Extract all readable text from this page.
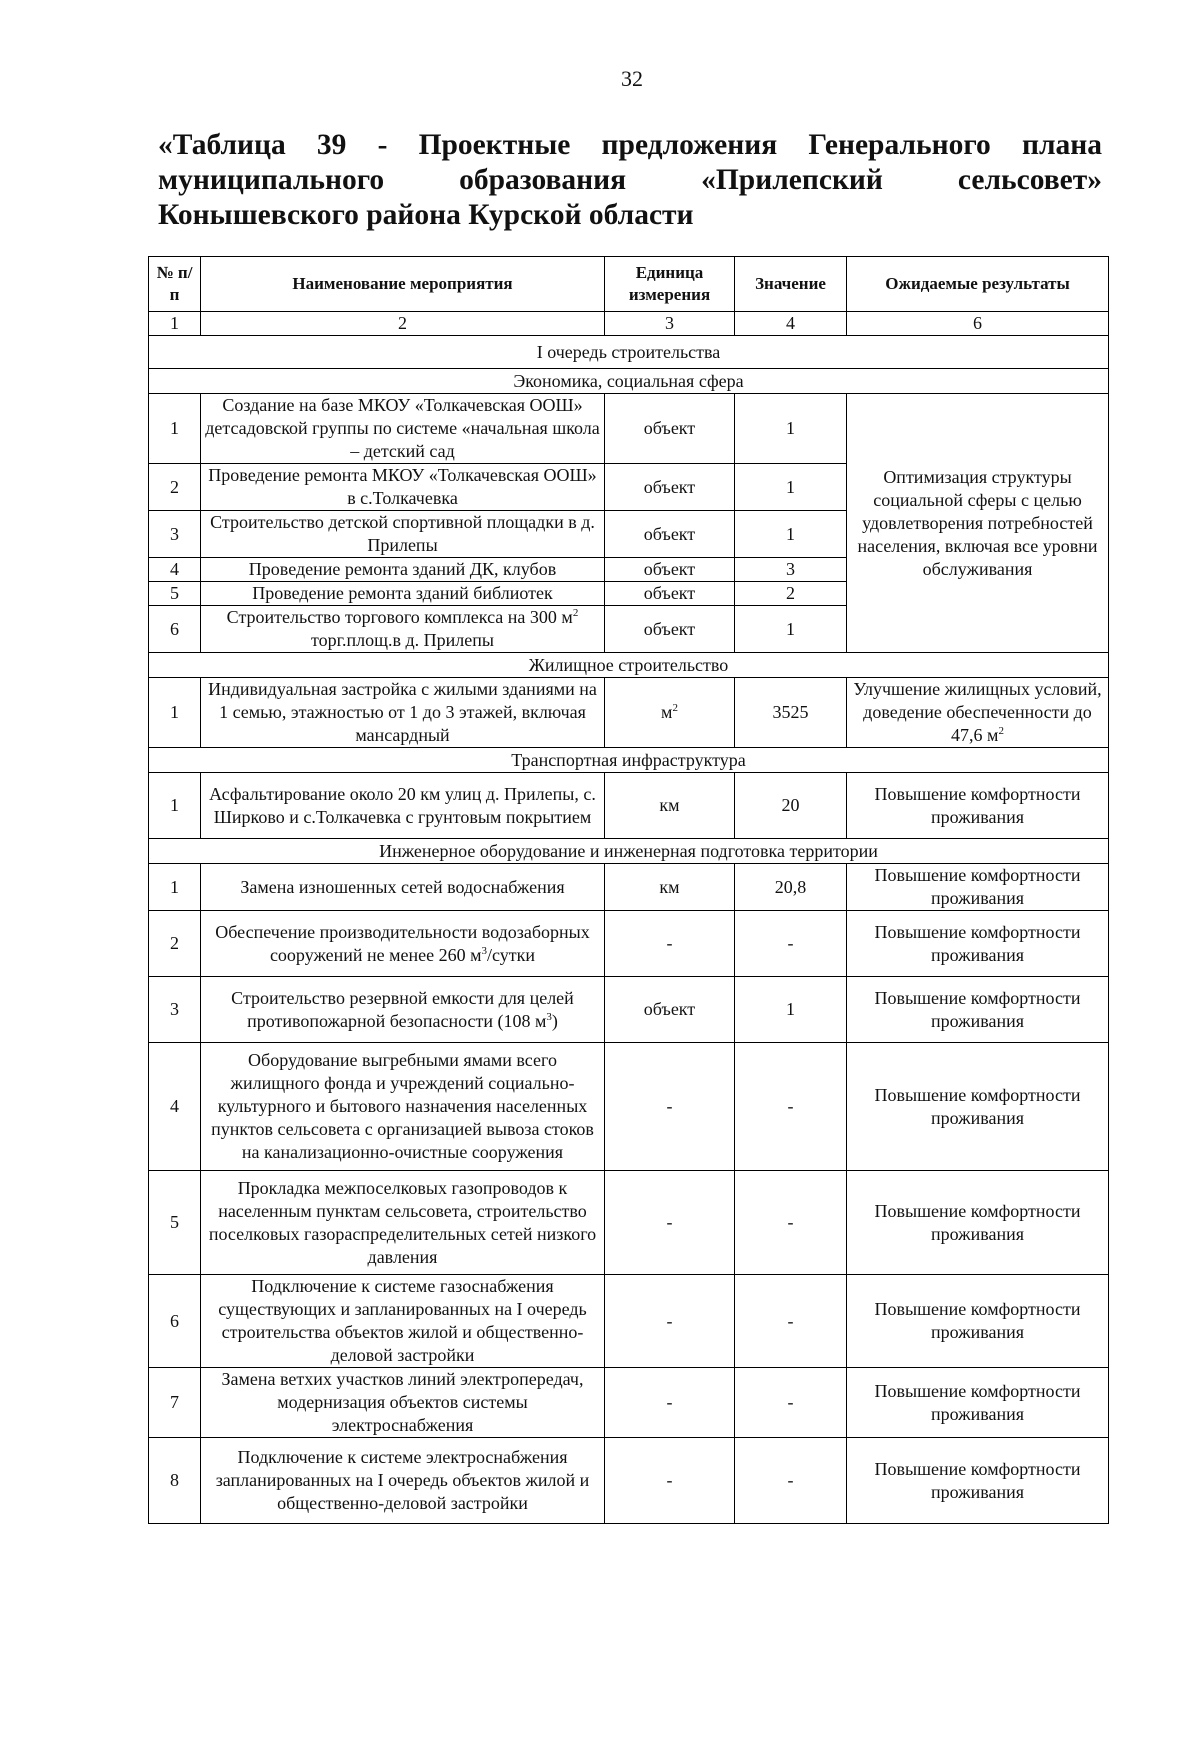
32
«Таблица 39 - Проектные предложения Генерального плана муниципального образования «Прилепский сельсовет» Конышевского района Курской области
№ п/п	Наименование мероприятия	Единица измерения	Значение	Ожидаемые результаты
1	2	3	4	6
I очередь строительства				
Экономика, социальная сфера				
1	Создание на базе МКОУ «Толкачевская ООШ» детсадовской группы по системе «начальная школа – детский сад	объект	1	Оптимизация структуры социальной сферы с целью удовлетворения потребностей населения, включая все уровни обслуживания
2	Проведение ремонта МКОУ «Толкачевская ООШ» в с.Толкачевка	объект	1	
3	Строительство детской спортивной площадки в д. Прилепы	объект	1	
4	Проведение ремонта зданий ДК, клубов	объект	3	
5	Проведение ремонта зданий библиотек	объект	2	
6	Строительство торгового комплекса на 300 $м^2$ торг.площ.в д. Прилепы	объект	1	
Жилищное строительство				
1	Индивидуальная застройка с жилыми зданиями на 1 семью, этажностью от 1 до 3 этажей, включая мансардный	$м^2$	3525	Улучшение жилищных условий, доведение обеспеченности до 47,6 $м^2$
Транспортная инфраструктура				
1	Асфальтирование около 20 км улиц д. Прилепы, с. Ширково и с.Толкачевка с грунтовым покрытием	км	20	Повышение комфортности проживания
Инженерное оборудование и инженерная подготовка территории				
1	Замена изношенных сетей водоснабжения	км	20,8	Повышение комфортности проживания
2	Обеспечение производительности водозаборных сооружений не менее 260 $м^3$/сутки	-	-	Повышение комфортности проживания
3	Строительство резервной емкости для целей противопожарной безопасности (108 $м^3$)	объект	1	Повышение комфортности проживания
4	Оборудование выгребными ямами всего жилищного фонда и учреждений социально-культурного и бытового назначения населенных пунктов сельсовета с организацией вывоза стоков на канализационно-очистные сооружения	-	-	Повышение комфортности проживания
5	Прокладка межпоселковых газопроводов к населенным пунктам сельсовета, строительство поселковых газораспределительных сетей низкого давления	-	-	Повышение комфортности проживания
6	Подключение к системе газоснабжения существующих и запланированных на I очередь строительства объектов жилой и общественно-деловой застройки	-	-	Повышение комфортности проживания
7	Замена ветхих участков линий электропередач, модернизация объектов системы электроснабжения	-	-	Повышение комфортности проживания
8	Подключение к системе электроснабжения запланированных на I очередь объектов жилой и общественно-деловой застройки	-	-	Повышение комфортности проживания
